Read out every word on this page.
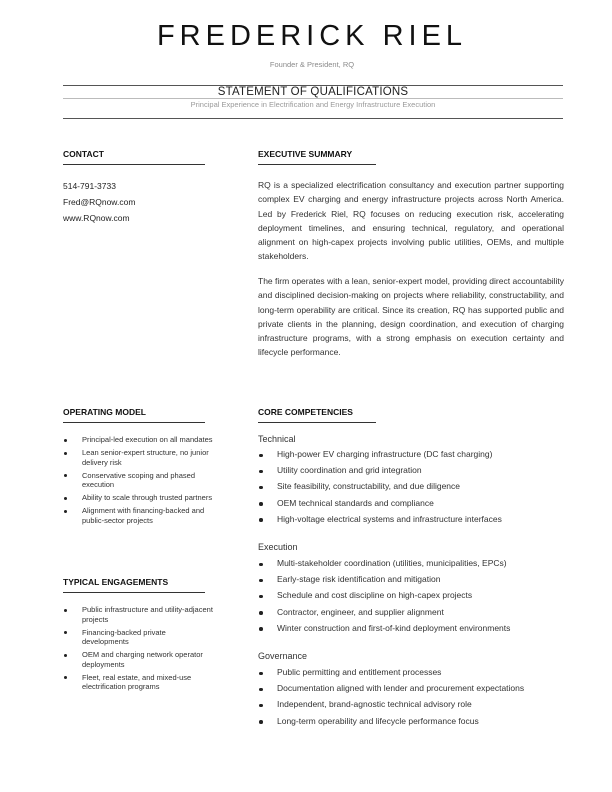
FREDERICK RIEL
Founder & President, RQ
STATEMENT OF QUALIFICATIONS
Principal Experience in Electrification and Energy Infrastructure Execution
CONTACT
514-791-3733
Fred@RQnow.com
www.RQnow.com
EXECUTIVE SUMMARY

RQ is a specialized electrification consultancy and execution partner supporting complex EV charging and energy infrastructure projects across North America. Led by Frederick Riel, RQ focuses on reducing execution risk, accelerating deployment timelines, and ensuring technical, regulatory, and operational alignment on high-capex projects involving public utilities, OEMs, and multiple stakeholders.

The firm operates with a lean, senior-expert model, providing direct accountability and disciplined decision-making on projects where reliability, constructability, and long-term operability are critical. Since its creation, RQ has supported public and private clients in the planning, design coordination, and execution of charging infrastructure programs, with a strong emphasis on execution certainty and lifecycle performance.

OPERATING MODEL
Principal-led execution on all mandates
Lean senior-expert structure, no junior delivery risk
Conservative scoping and phased execution
Ability to scale through trusted partners
Alignment with financing-backed and public-sector projects
TYPICAL ENGAGEMENTS
Public infrastructure and utility-adjacent projects
Financing-backed private developments
OEM and charging network operator deployments
Fleet, real estate, and mixed-use electrification programs
CORE COMPETENCIES
Technical
High-power EV charging infrastructure (DC fast charging)
Utility coordination and grid integration
Site feasibility, constructability, and due diligence
OEM technical standards and compliance
High-voltage electrical systems and infrastructure interfaces
Execution
Multi-stakeholder coordination (utilities, municipalities, EPCs)
Early-stage risk identification and mitigation
Schedule and cost discipline on high-capex projects
Contractor, engineer, and supplier alignment
Winter construction and first-of-kind deployment environments
Governance
Public permitting and entitlement processes
Documentation aligned with lender and procurement expectations
Independent, brand-agnostic technical advisory role
Long-term operability and lifecycle performance focus
